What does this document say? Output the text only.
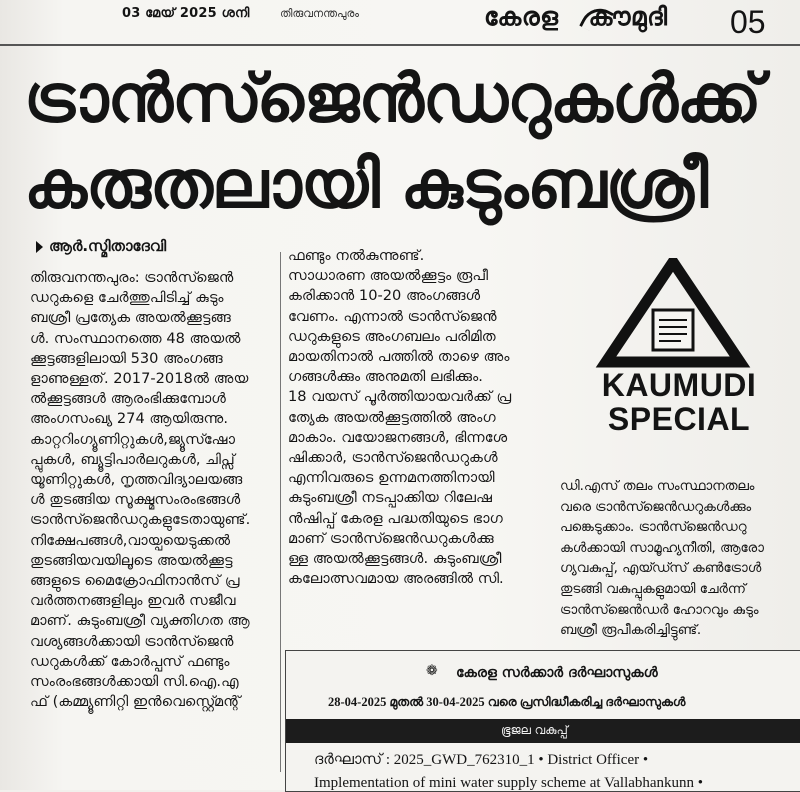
03 മേയ് 2025 ശനി	തിരുവനന്തപുരം	കേരള കൗമുദി 05
ട്രാൻസ്ജെൻഡറുകൾക്ക്
കരുതലായി കുടുംബശ്രീ
ആർ.സ്മിതാദേവി

തിരുവനന്തപുരം: ട്രാൻസ്ജെൻ

ഡറുകളെ ചേർത്തുപിടിച്ച് കുടും

ബശ്രീ പ്രത്യേക അയൽക്കൂട്ടങ്ങ

ൾ. സംസ്ഥാനത്തെ 48 അയൽ

ക്കൂട്ടങ്ങളിലായി 530 അംഗങ്ങ

ളാണുള്ളത്. 2017-2018ൽ അയ

ൽക്കൂട്ടങ്ങൾ ആരംഭിക്കുമ്പോൾ

അംഗസംഖ്യ 274 ആയിരുന്നു.

കാറ്ററിംഗ്യൂണിറ്റുകൾ,ജ്യൂസ്ഷോ

പ്പുകൾ, ബ്യൂട്ടിപാർലറുകൾ, ചിപ്സ്

യൂണിറ്റുകൾ, നൃത്തവിദ്യാലയങ്ങ

ൾ തുടങ്ങിയ സൂക്ഷ്മസംരംഭങ്ങൾ

ട്രാൻസ്ജെൻഡറുകളുടേതായുണ്ട്.

നിക്ഷേപങ്ങൾ,വായ്പയെടുക്കൽ

തുടങ്ങിയവയിലൂടെ അയൽക്കൂട്ട

ങ്ങളുടെ മൈക്രോഫിനാൻസ് പ്ര

വർത്തനങ്ങളിലും ഇവർ സജീവ

മാണ്. കുടുംബശ്രീ വ്യക്തിഗത ആ

വശ്യങ്ങൾക്കായി ട്രാൻസ്ജെൻ

ഡറുകൾക്ക് കോർപ്പസ് ഫണ്ടും

സംരംഭങ്ങൾക്കായി സി.ഐ.എ

ഫ് (കമ്മ്യൂണിറ്റി ഇൻവെസ്റ്റ്മെന്റ്

ഫണ്ടും നൽകുന്നുണ്ട്.

സാധാരണ അയൽക്കൂട്ടം രൂപീ

കരിക്കാൻ 10-20 അംഗങ്ങൾ

വേണം. എന്നാൽ ട്രാൻസ്ജെൻ

ഡറുകളുടെ അംഗബലം പരിമിത

മായതിനാൽ പത്തിൽ താഴെ അം

ഗങ്ങൾക്കും അനുമതി ലഭിക്കും.

18 വയസ് പൂർത്തിയായവർക്ക് പ്ര

ത്യേക അയൽക്കൂട്ടത്തിൽ അംഗ

മാകാം. വയോജനങ്ങൾ, ഭിന്നശേ

ഷിക്കാർ, ട്രാൻസ്ജെൻഡറുകൾ

എന്നിവരുടെ ഉന്നമനത്തിനായി

കുടുംബശ്രീ നടപ്പാക്കിയ റിലേഷ

ൻഷിപ്പ് കേരള പദ്ധതിയുടെ ഭാഗ

മാണ് ട്രാൻസ്ജെൻഡറുകൾക്കു

ള്ള അയൽക്കൂട്ടങ്ങൾ. കുടുംബശ്രീ

കലോത്സവമായ അരങ്ങിൽ സി.

KAUMUDI
SPECIAL

ഡി.എസ് തലം സംസ്ഥാനതലം

വരെ ട്രാൻസ്ജെൻഡറുകൾക്കും

പങ്കെടുക്കാം. ട്രാൻസ്ജെൻഡറു

കൾക്കായി സാമൂഹ്യനീതി, ആരോ

ഗ്യവകുപ്പ്, എയ്ഡ്സ് കൺട്രോൾ

തുടങ്ങി വകുപ്പുകളുമായി ചേർന്ന്

ട്രാൻസ്ജെൻഡർ ഹോറവും കുടും

ബശ്രീ രൂപീകരിച്ചിട്ടുണ്ട്.

❁ കേരള സർക്കാർ ദർഘാസുകൾ
28-04-2025 മുതൽ 30-04-2025 വരെ പ്രസിദ്ധീകരിച്ച ദർഘാസുകൾ
ഭൂജല വകുപ്പ്
ദർഘാസ് : 2025_GWD_762310_1 • District Officer •
Implementation of mini water supply scheme at Vallabhankunn •
